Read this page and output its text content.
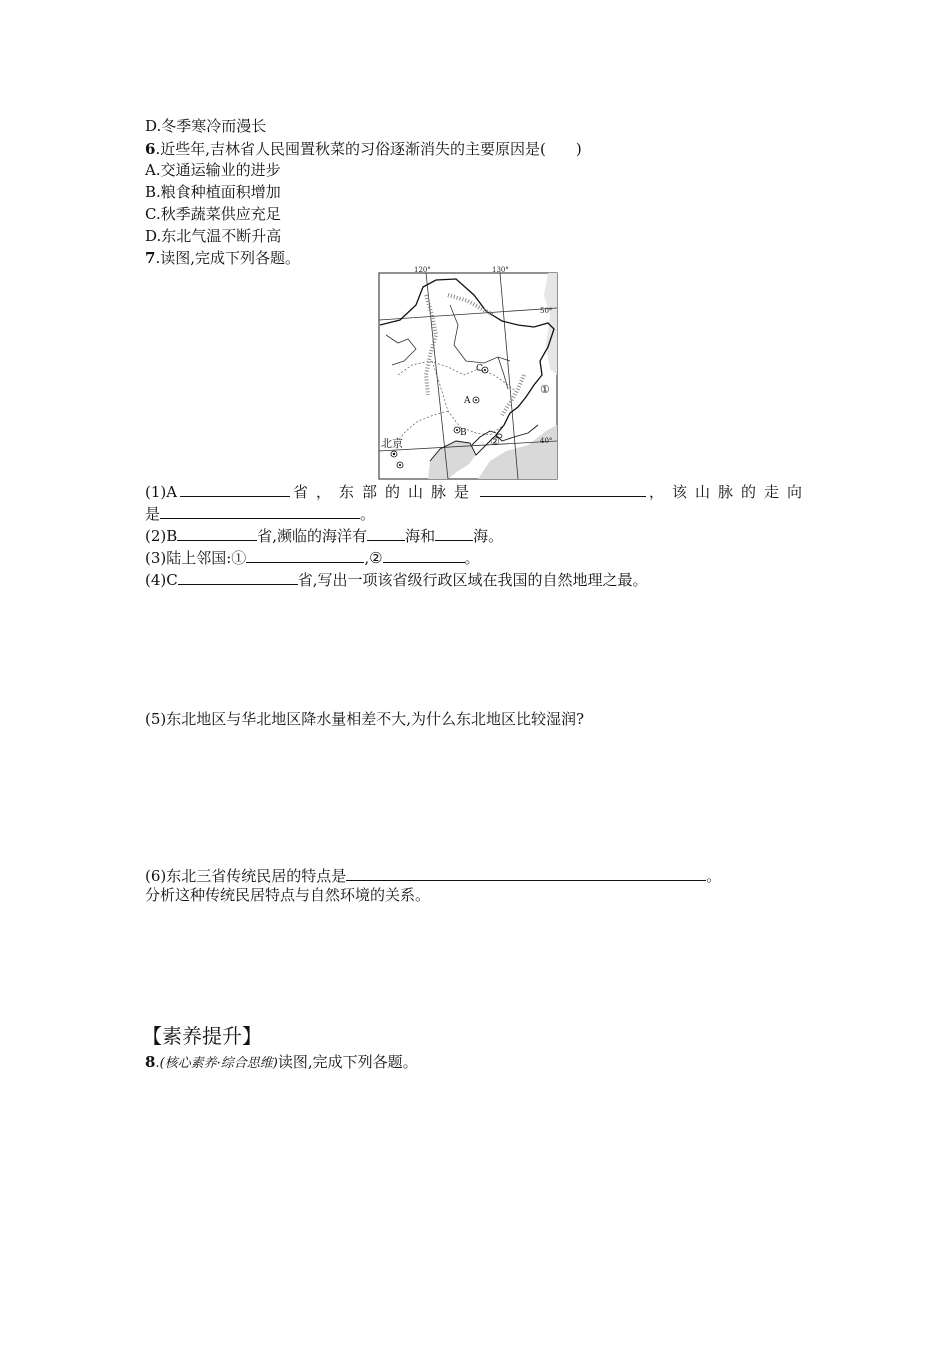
D.冬季寒冷而漫长
6.近些年,吉林省人民囤置秋菜的习俗逐渐消失的主要原因是(　　)
A.交通运输业的进步
B.粮食种植面积增加
C.秋季蔬菜供应充足
D.东北气温不断升高
7.读图,完成下列各题。
120°	130°
50°
40°
C
A
B
①
②
北京
(1)A	省，东部的山脉是	，该山脉的走向
是	。
(2)B	省,濒临的海洋有	海和	海。
(3)陆上邻国:①	,②	。
(4)C	省,写出一项该省级行政区域在我国的自然地理之最。
(5)东北地区与华北地区降水量相差不大,为什么东北地区比较湿润?
(6)东北三省传统民居的特点是	。
分析这种传统民居特点与自然环境的关系。
【素养提升】
8.(核心素养·综合思维)读图,完成下列各题。
